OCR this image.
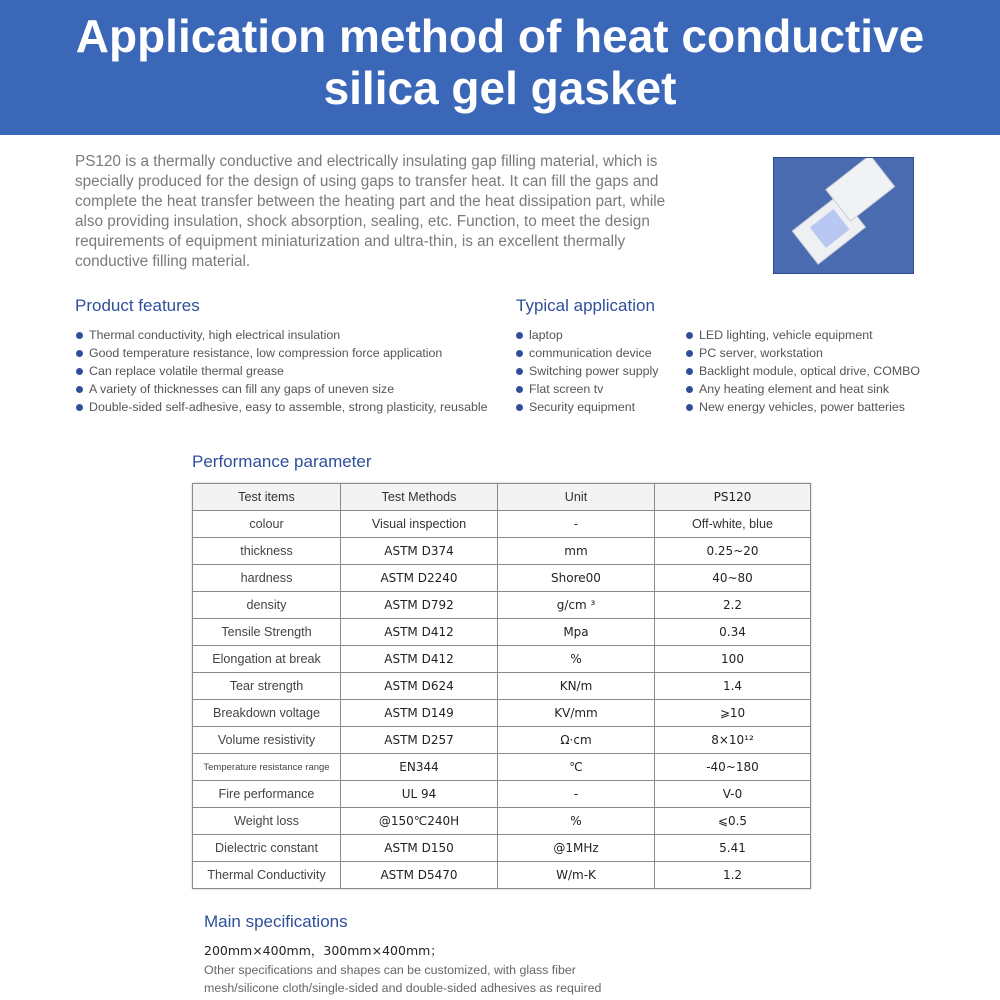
Application method of heat conductive
silica gel gasket

PS120 is a thermally conductive and electrically insulating gap filling material, which is specially produced for the design of using gaps to transfer heat. It can fill the gaps and complete the heat transfer between the heating part and the heat dissipation part, while also providing insulation, shock absorption, sealing, etc. Function, to meet the design requirements of equipment miniaturization and ultra-thin, is an excellent thermally conductive filling material.

Product features
Thermal conductivity, high electrical insulation
Good temperature resistance, low compression force application
Can replace volatile thermal grease
A variety of thicknesses can fill any gaps of uneven size
Double-sided self-adhesive, easy to assemble, strong plasticity, reusable
Typical application
laptop
communication device
Switching power supply
Flat screen tv
Security equipment
LED lighting, vehicle equipment
PC server, workstation
Backlight module, optical drive, COMBO
Any heating element and heat sink
New energy vehicles, power batteries
Performance parameter
Test items	Test Methods	Unit	PS120
colour	Visual inspection	-	Off-white, blue
thickness	ASTM D374	mm	0.25~20
hardness	ASTM D2240	Shore00	40~80
density	ASTM D792	g/cm ³	2.2
Tensile Strength	ASTM D412	Mpa	0.34
Elongation at break	ASTM D412	%	100
Tear strength	ASTM D624	KN/m	1.4
Breakdown voltage	ASTM D149	KV/mm	⩾10
Volume resistivity	ASTM D257	Ω·cm	8×10¹²
Temperature resistance range	EN344	℃	-40~180
Fire performance	UL 94	-	V-0
Weight loss	@150℃240H	%	⩽0.5
Dielectric constant	ASTM D150	@1MHz	5.41
Thermal Conductivity	ASTM D5470	W/m-K	1.2
Main specifications
200mm×400mm，300mm×400mm；

Other specifications and shapes can be customized, with glass fiber mesh/silicone cloth/single-sided and double-sided adhesives as required
